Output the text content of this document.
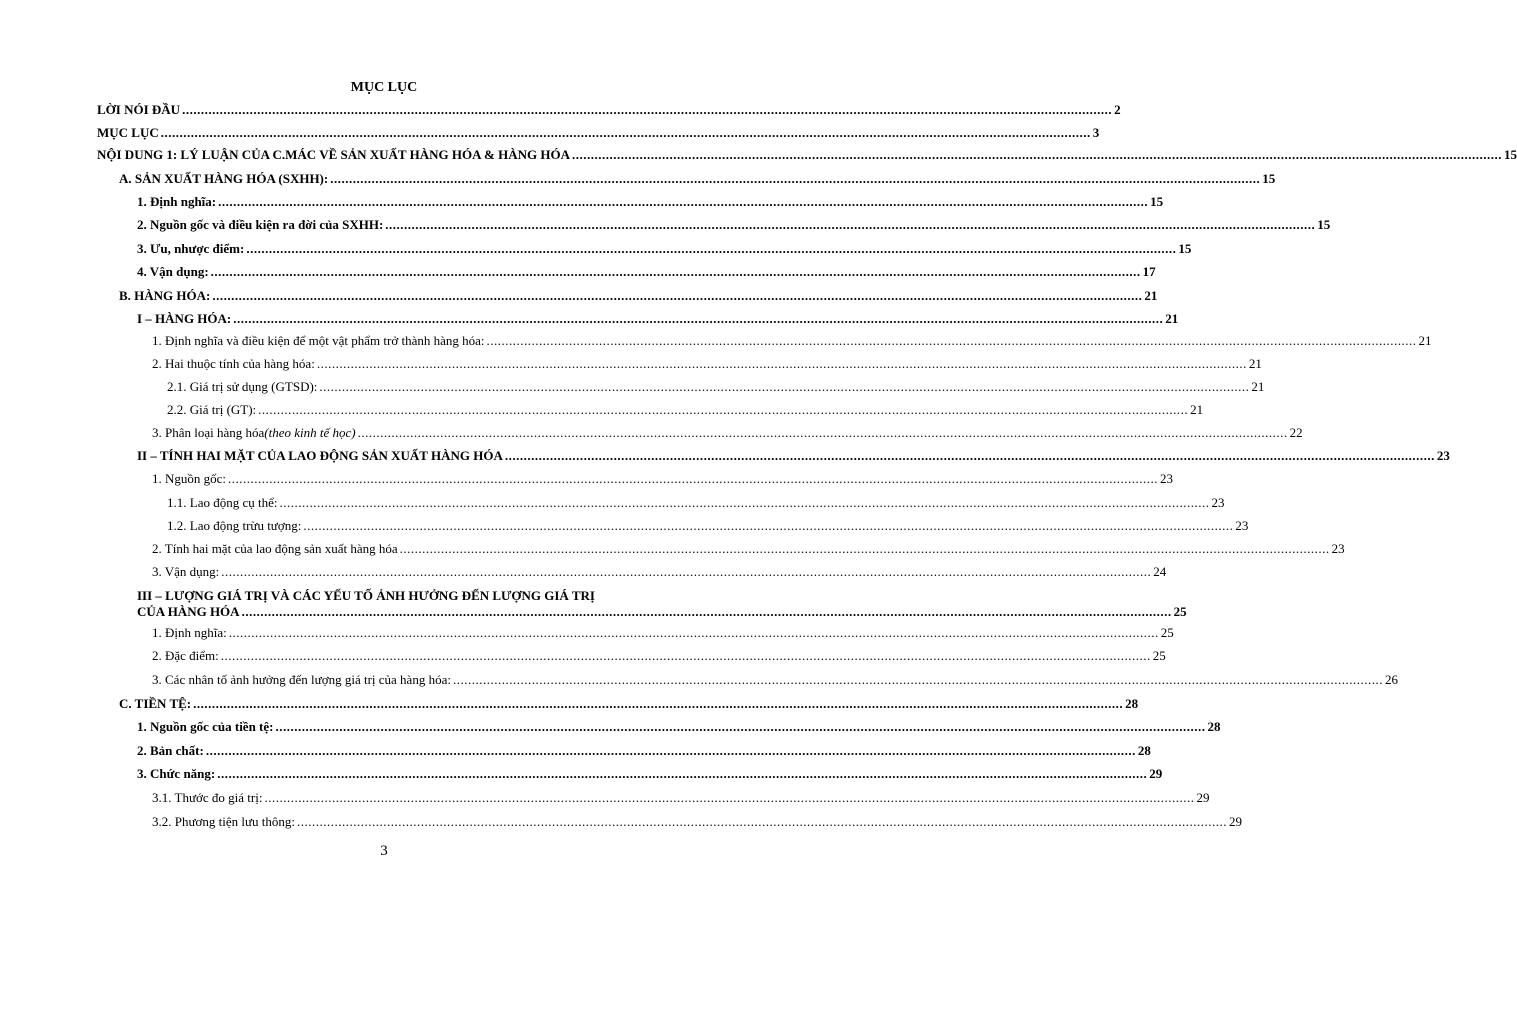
MỤC LỤC
LỜI NÓI ĐẦU .....	2
MỤC LỤC .....	3
NỘI DUNG 1: LÝ LUẬN CỦA C.MÁC VỀ SẢN XUẤT HÀNG HÓA & HÀNG HÓA .....	15
A. SẢN XUẤT HÀNG HÓA (SXHH): .....	15
1. Định nghĩa: .....	15
2. Nguồn gốc và điều kiện ra đời của SXHH: .....	15
3. Ưu, nhược điểm: .....	15
4. Vận dụng: .....	17
B. HÀNG HÓA: .....	21
I – HÀNG HÓA: .....	21
1. Định nghĩa và điều kiện để một vật phẩm trở thành hàng hóa: .....	21
2. Hai thuộc tính của hàng hóa: .....	21
2.1. Giá trị sử dụng (GTSD): .....	21
2.2. Giá trị (GT): .....	21
3. Phân loại hàng hóa (theo kinh tế học) .....	22
II – TÍNH HAI MẶT CỦA LAO ĐỘNG SẢN XUẤT HÀNG HÓA .....	23
1. Nguồn gốc: .....	23
1.1. Lao động cụ thể: .....	23
1.2. Lao động trừu tượng: .....	23
2. Tính hai mặt của lao động sản xuất hàng hóa .....	23
3. Vận dụng: .....	24
III – LƯỢNG GIÁ TRỊ VÀ CÁC YẾU TỐ ẢNH HƯỞNG ĐẾN LƯỢNG GIÁ TRỊ
CỦA HÀNG HÓA .....	25
1. Định nghĩa: .....	25
2. Đặc điểm: .....	25
3. Các nhân tố ảnh hưởng đến lượng giá trị của hàng hóa: .....	26
C. TIỀN TỆ: .....	28
1. Nguồn gốc của tiền tệ: .....	28
2. Bản chất: .....	28
3. Chức năng: .....	29
3.1. Thước đo giá trị: .....	29
3.2. Phương tiện lưu thông: .....	29
3
